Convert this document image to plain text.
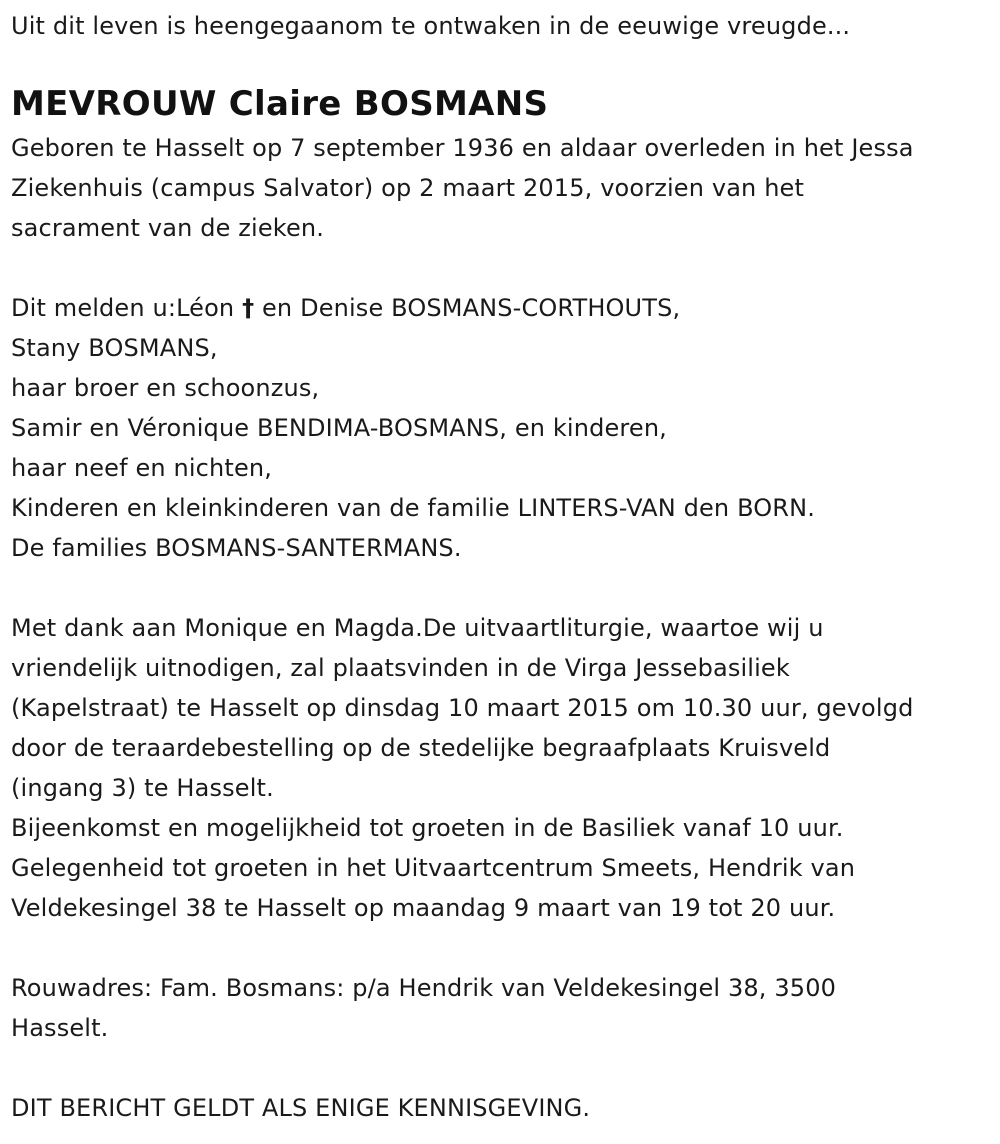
Uit dit leven is heengegaanom te ontwaken in de eeuwige vreugde...
MEVROUW Claire BOSMANS
Geboren te Hasselt op 7 september 1936 en aldaar overleden in het Jessa
Ziekenhuis (campus Salvator) op 2 maart 2015, voorzien van het
sacrament van de zieken.
Dit melden u:Léon † en Denise BOSMANS-CORTHOUTS,
Stany BOSMANS,
haar broer en schoonzus,
Samir en Véronique BENDIMA-BOSMANS, en kinderen,
haar neef en nichten,
Kinderen en kleinkinderen van de familie LINTERS-VAN den BORN.
De families BOSMANS-SANTERMANS.
Met dank aan Monique en Magda.De uitvaartliturgie, waartoe wij u
vriendelijk uitnodigen, zal plaatsvinden in de Virga Jessebasiliek
(Kapelstraat) te Hasselt op dinsdag 10 maart 2015 om 10.30 uur, gevolgd
door de teraardebestelling op de stedelijke begraafplaats Kruisveld
(ingang 3) te Hasselt.
Bijeenkomst en mogelijkheid tot groeten in de Basiliek vanaf 10 uur.
Gelegenheid tot groeten in het Uitvaartcentrum Smeets, Hendrik van
Veldekesingel 38 te Hasselt op maandag 9 maart van 19 tot 20 uur.
Rouwadres: Fam. Bosmans: p/a Hendrik van Veldekesingel 38, 3500
Hasselt.
DIT BERICHT GELDT ALS ENIGE KENNISGEVING.
